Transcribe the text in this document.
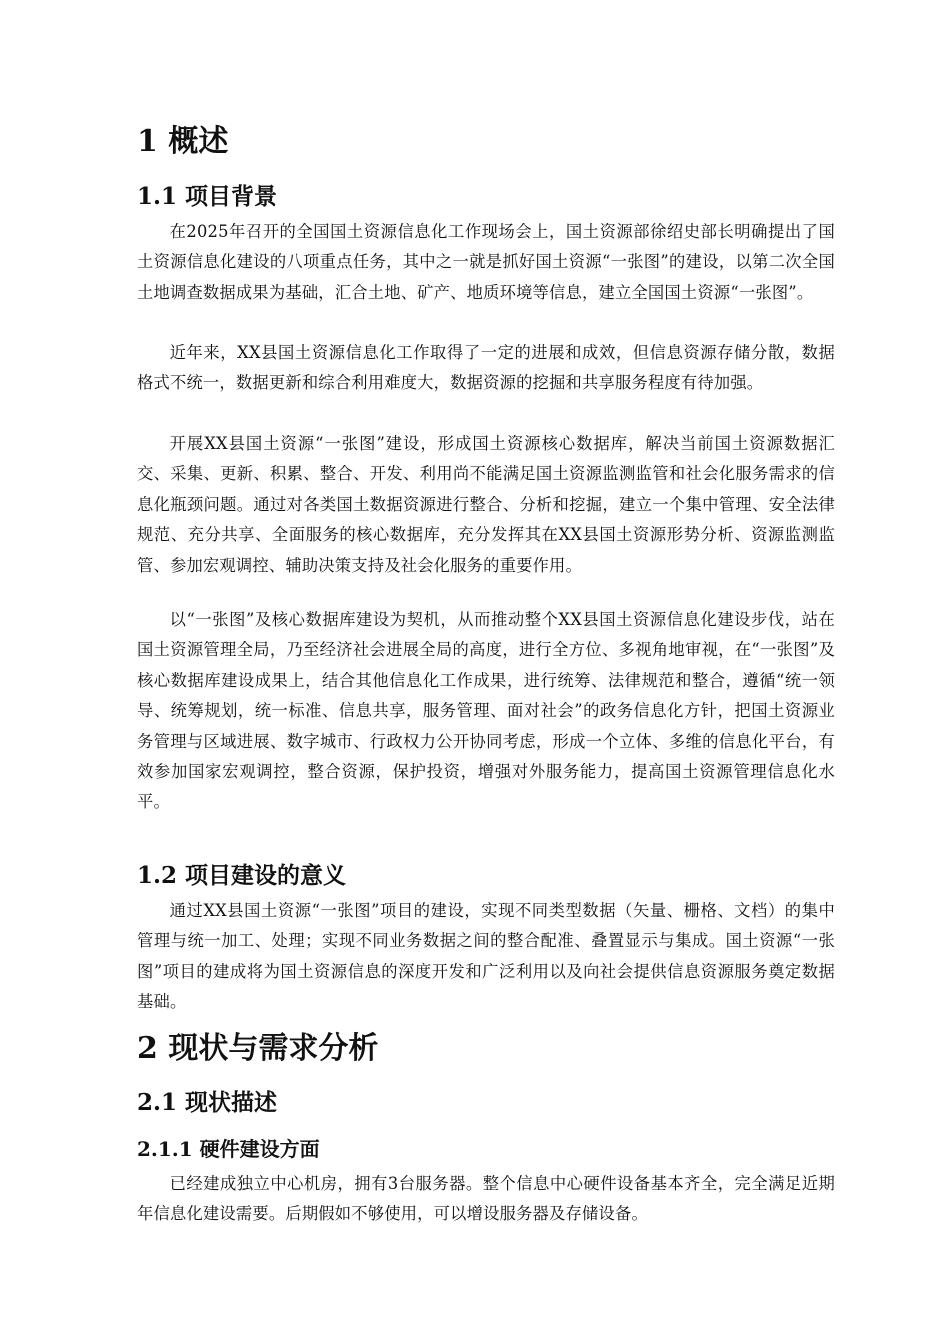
1 概述
1.1 项目背景

在2025年召开的全国国土资源信息化工作现场会上，国土资源部徐绍史部长明确提出了国土资源信息化建设的八项重点任务，其中之一就是抓好国土资源“一张图”的建设，以第二次全国土地调查数据成果为基础，汇合土地、矿产、地质环境等信息，建立全国国土资源“一张图”。

近年来，XX县国土资源信息化工作取得了一定的进展和成效，但信息资源存储分散，数据格式不统一，数据更新和综合利用难度大，数据资源的挖掘和共享服务程度有待加强。

开展XX县国土资源“一张图”建设，形成国土资源核心数据库，解决当前国土资源数据汇交、采集、更新、积累、整合、开发、利用尚不能满足国土资源监测监管和社会化服务需求的信息化瓶颈问题。通过对各类国土数据资源进行整合、分析和挖掘，建立一个集中管理、安全法律规范、充分共享、全面服务的核心数据库，充分发挥其在XX县国土资源形势分析、资源监测监管、参加宏观调控、辅助决策支持及社会化服务的重要作用。

以“一张图”及核心数据库建设为契机，从而推动整个XX县国土资源信息化建设步伐，站在国土资源管理全局，乃至经济社会进展全局的高度，进行全方位、多视角地审视，在“一张图”及核心数据库建设成果上，结合其他信息化工作成果，进行统筹、法律规范和整合，遵循“统一领导、统筹规划，统一标准、信息共享，服务管理、面对社会”的政务信息化方针，把国土资源业务管理与区域进展、数字城市、行政权力公开协同考虑，形成一个立体、多维的信息化平台，有效参加国家宏观调控，整合资源，保护投资，增强对外服务能力，提高国土资源管理信息化水平。

1.2 项目建设的意义

通过XX县国土资源“一张图”项目的建设，实现不同类型数据（矢量、栅格、文档）的集中管理与统一加工、处理；实现不同业务数据之间的整合配准、叠置显示与集成。国土资源“一张图”项目的建成将为国土资源信息的深度开发和广泛利用以及向社会提供信息资源服务奠定数据基础。

2 现状与需求分析
2.1 现状描述
2.1.1 硬件建设方面

已经建成独立中心机房，拥有3台服务器。整个信息中心硬件设备基本齐全，完全满足近期年信息化建设需要。后期假如不够使用，可以增设服务器及存储设备。
